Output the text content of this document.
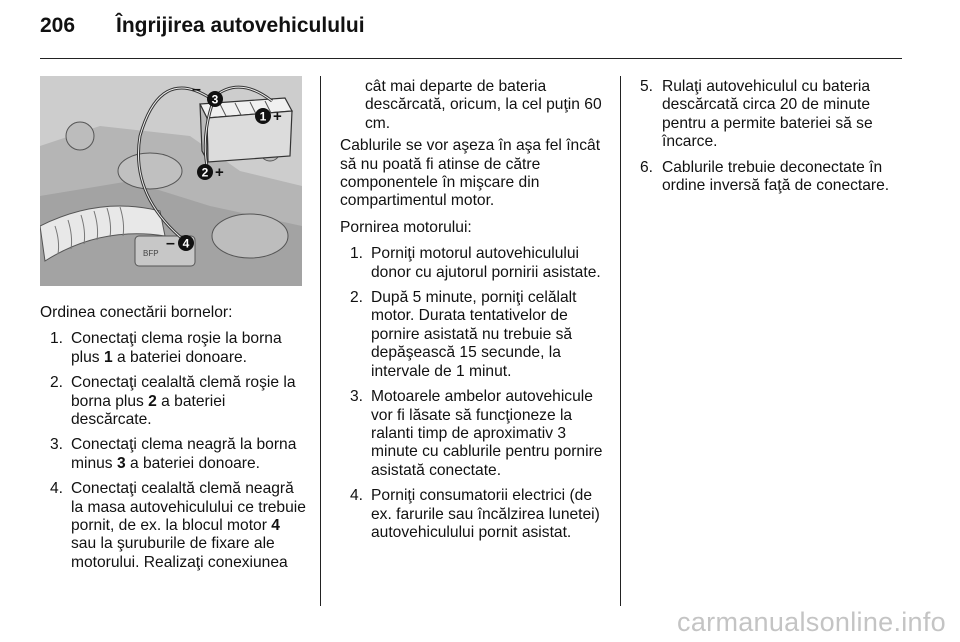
206 Îngrijirea autovehiculului
BFP
–
3
1 +
2 +
– 4

Ordinea conectării bornelor:

1. Conectaţi clema roşie la borna plus 1 a bateriei donoare.
2. Conectaţi cealaltă clemă roşie la borna plus 2 a bateriei descărcate.
3. Conectaţi clema neagră la borna minus 3 a bateriei donoare.
4. Conectaţi cealaltă clemă neagră la masa autovehiculului ce trebuie pornit, de ex. la blocul motor 4 sau la şuruburile de fixare ale motorului. Realizaţi conexiunea

cât mai departe de bateria descărcată, oricum, la cel puţin 60 cm.

Cablurile se vor aşeza în aşa fel încât să nu poată fi atinse de către componentele în mişcare din compartimentul motor.

Pornirea motorului:

1. Porniţi motorul autovehiculului donor cu ajutorul pornirii asistate.
2. După 5 minute, porniţi celălalt motor. Durata tentativelor de pornire asistată nu trebuie să depăşească 15 secunde, la intervale de 1 minut.
3. Motoarele ambelor autovehicule vor fi lăsate să funcţioneze la ralanti timp de aproximativ 3 minute cu cablurile pentru pornire asistată conectate.
4. Porniţi consumatorii electrici (de ex. farurile sau încălzirea lunetei) autovehiculului pornit asistat.
5. Rulaţi autovehiculul cu bateria descărcată circa 20 de minute pentru a permite bateriei să se încarce.
6. Cablurile trebuie deconectate în ordine inversă faţă de conectare.
carmanualsonline.info
